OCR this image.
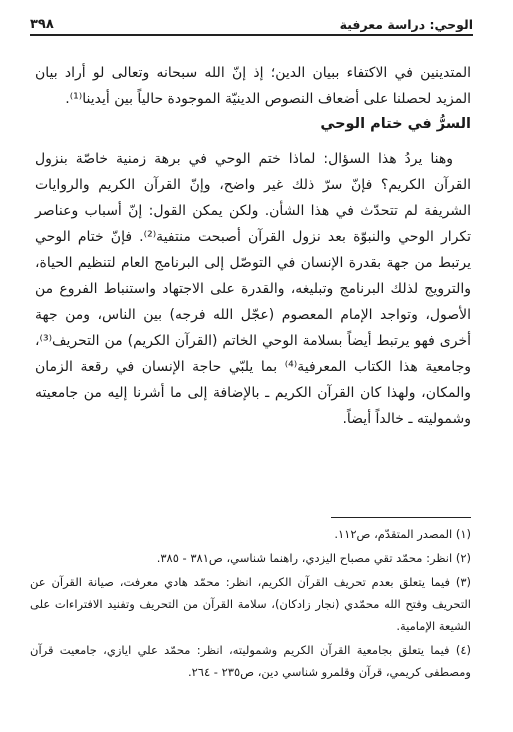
الوحي: دراسة معرفية
٣٩٨

المتدينين في الاكتفاء ببيان الدين؛ إذ إنّ الله سبحانه وتعالى لو أراد بيان المزيد لحصلنا على أضعاف النصوص الدينيّة الموجودة حالياً بين أيدينا⁽¹⁾.

السرُّ في ختام الوحي

وهنا يردُ هذا السؤال: لماذا ختم الوحي في برهة زمنية خاصّة بنزول القرآن الكريم؟ فإنّ سرّ ذلك غير واضح، وإنّ القرآن الكريم والروايات الشريفة لم تتحدّث في هذا الشأن. ولكن يمكن القول: إنّ أسباب وعناصر تكرار الوحي والنبوّة بعد نزول القرآن أصبحت منتفية⁽²⁾. فإنّ ختام الوحي يرتبط من جهة بقدرة الإنسان في التوصّل إلى البرنامج العام لتنظيم الحياة، والترويج لذلك البرنامج وتبليغه، والقدرة على الاجتهاد واستنباط الفروع من الأصول، وتواجد الإمام المعصوم (عجّل الله فرجه) بين الناس، ومن جهة أخرى فهو يرتبط أيضاً بسلامة الوحي الخاتم (القرآن الكريم) من التحريف⁽³⁾، وجامعية هذا الكتاب المعرفية⁽⁴⁾ بما يلبّي حاجة الإنسان في رقعة الزمان والمكان، ولهذا كان القرآن الكريم ـ بالإضافة إلى ما أشرنا إليه من جامعيته وشموليته ـ خالداً أيضاً.

(١) المصدر المتقدّم، ص١١٢.
(٢) انظر: محمّد تقي مصباح اليزدي، راهنما شناسي، ص٣٨١ - ٣٨٥.
(٣) فيما يتعلق بعدم تحريف القرآن الكريم، انظر: محمّد هادي معرفت، صيانة القرآن عن التحريف وفتح الله محمّدي (نجار زادكان)، سلامة القرآن من التحريف وتفنيد الافتراءات على الشيعة الإمامية.
(٤) فيما يتعلق بجامعية القرآن الكريم وشموليته، انظر: محمّد علي ايازي، جامعيت قرآن ومصطفى كريمي، قرآن وقلمرو شناسي دين، ص٢٣٥ - ٢٦٤.
